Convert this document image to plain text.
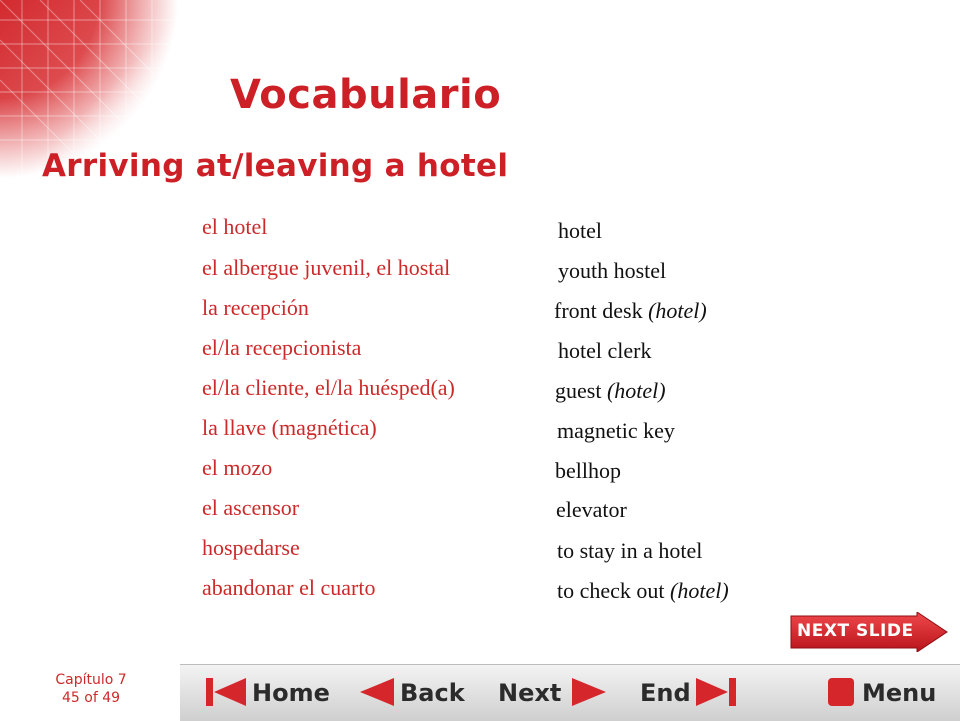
Vocabulario
Arriving at/leaving a hotel
el hotel	hotel
el albergue juvenil, el hostal	youth hostel
la recepción	front desk (hotel)
el/la recepcionista	hotel clerk
el/la cliente, el/la huésped(a)	guest (hotel)
la llave (magnética)	magnetic key
el mozo	bellhop
el ascensor	elevator
hospedarse	to stay in a hotel
abandonar el cuarto	to check out (hotel)
Capítulo 7
45 of 49
NEXT SLIDE
Home	Back Next	End	Menu
